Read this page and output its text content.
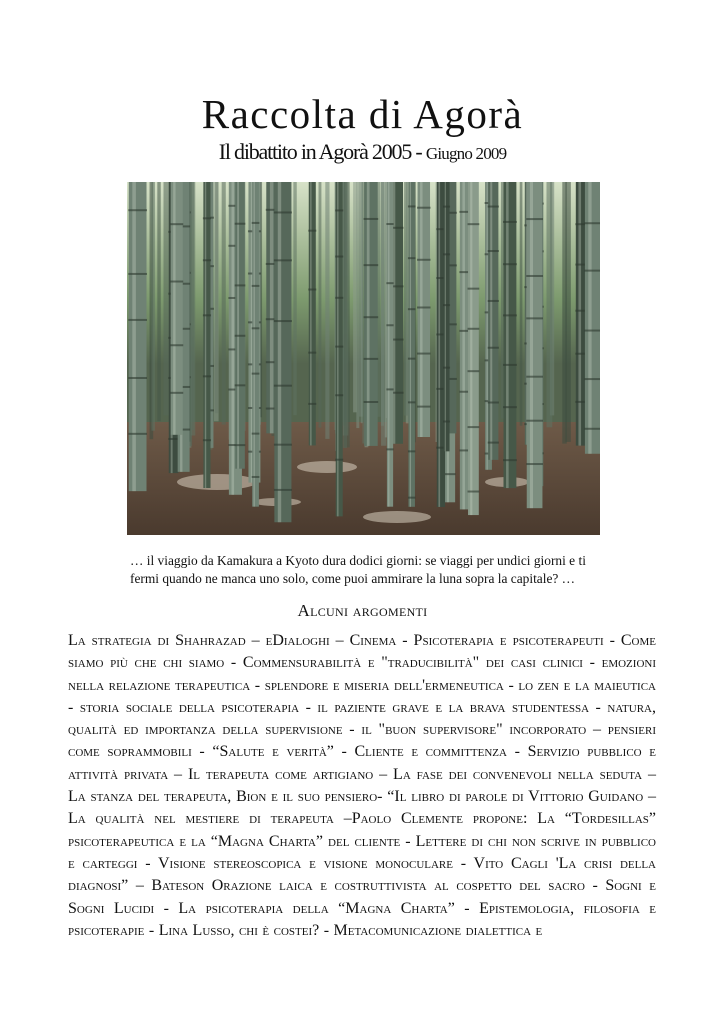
Raccolta di Agorà
Il dibattito in Agorà 2005 - Giugno 2009
… il viaggio da Kamakura a Kyoto dura dodici giorni: se viaggi per undici giorni e ti fermi quando ne manca uno solo, come puoi ammirare la luna sopra la capitale? …
Alcuni argomenti
La strategia di Shahrazad – eDialoghi – Cinema - Psicoterapia e psicoterapeuti - Come siamo più che chi siamo - Commensurabilità e "traducibilità" dei casi clinici - emozioni nella relazione terapeutica - splendore e miseria dell'ermeneutica - lo zen e la maieutica - storia sociale della psicoterapia - il paziente grave e la brava studentessa - natura, qualità ed importanza della supervisione - il "buon supervisore" incorporato – pensieri come soprammobili - “Salute e verità” - Cliente e committenza - Servizio pubblico e attività privata – Il terapeuta come artigiano – La fase dei convenevoli nella seduta – La stanza del terapeuta, Bion e il suo pensiero- “Il libro di parole di Vittorio Guidano – La qualità nel mestiere di terapeuta –Paolo Clemente propone: La “Tordesillas” psicoterapeutica e la “Magna Charta” del cliente - Lettere di chi non scrive in pubblico e carteggi - Visione stereoscopica e visione monoculare - Vito Cagli 'La crisi della diagnosi” – Bateson Orazione laica e costruttivista al cospetto del sacro - Sogni e Sogni Lucidi - La psicoterapia della “Magna Charta” - Epistemologia, filosofia e psicoterapie - Lina Lusso, chi è costei? - Metacomunicazione dialettica e
